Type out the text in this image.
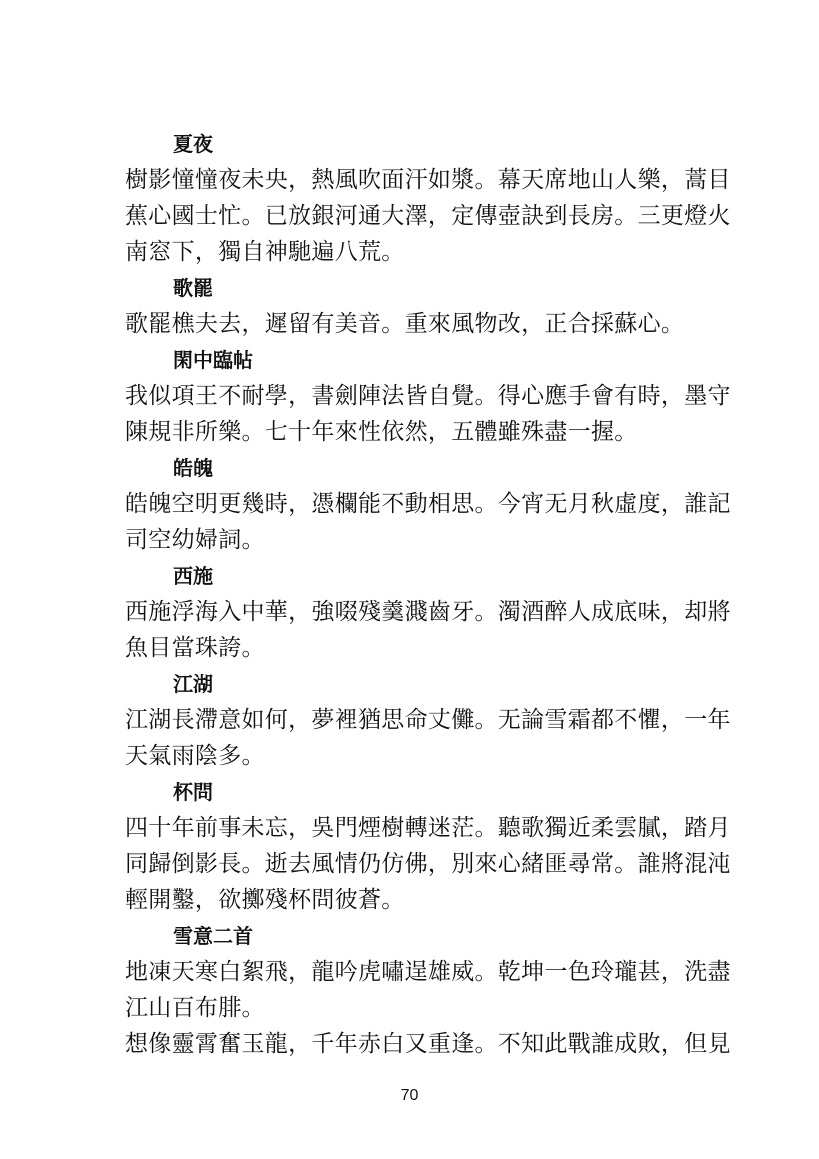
夏夜

樹影憧憧夜未央，熱風吹面汗如漿。幕天席地山人樂，蒿目

蕉心國士忙。已放銀河通大澤，定傳壺訣到長房。三更燈火

南窓下，獨自神馳遍八荒。

歌罷

歌罷樵夫去，遲留有美音。重來風物改，正合採蘇心。

閑中臨帖

我似項王不耐學，書劍陣法皆自覺。得心應手會有時，墨守

陳規非所樂。七十年來性依然，五體雖殊盡一握。

皓魄

皓魄空明更幾時，憑欄能不動相思。今宵无月秋虛度，誰記

司空幼婦詞。

西施

西施浮海入中華，強啜殘羹濺齒牙。濁酒醉人成底味，却將

魚目當珠誇。

江湖

江湖長滯意如何，夢裡猶思命丈儺。无論雪霜都不懼，一年

天氣雨陰多。

杯問

四十年前事未忘，吳門煙樹轉迷茫。聽歌獨近柔雲膩，踏月

同歸倒影長。逝去風情仍仿佛，別來心緒匪尋常。誰將混沌

輕開鑿，欲擲殘杯問彼蒼。

雪意二首

地凍天寒白絮飛，龍吟虎嘯逞雄威。乾坤一色玲瓏甚，洗盡

江山百布腓。

想像靈霄奮玉龍，千年赤白又重逢。不知此戰誰成敗，但見

70
